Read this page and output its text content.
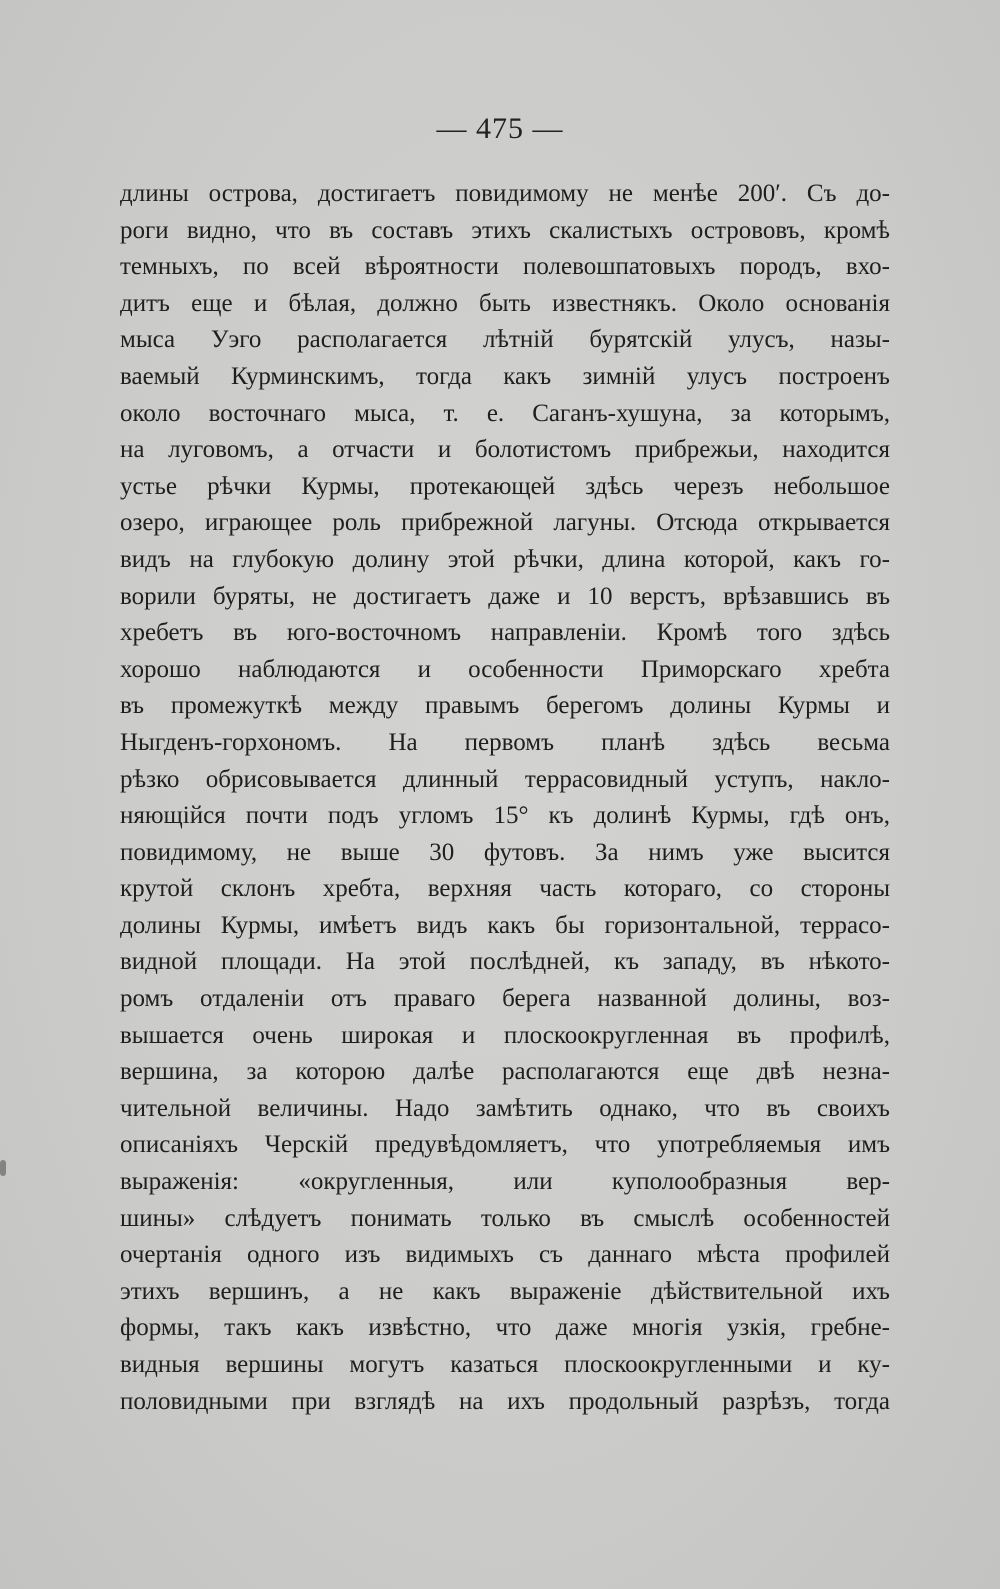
— 475 —
длины острова, достигаетъ повидимому не менѣе 200′. Съ до-
роги видно, что въ составъ этихъ скалистыхъ острововъ, кромѣ
темныхъ, по всей вѣроятности полевошпатовыхъ породъ, вхо-
дитъ еще и бѣлая, должно быть известнякъ. Около основанія
мыса Уэго располагается лѣтній бурятскій улусъ, назы-
ваемый Курминскимъ, тогда какъ зимній улусъ построенъ
около восточнаго мыса, т. е. Саганъ-хушуна, за которымъ,
на луговомъ, а отчасти и болотистомъ прибрежьи, находится
устье рѣчки Курмы, протекающей здѣсь черезъ небольшое
озеро, играющее роль прибрежной лагуны. Отсюда открывается
видъ на глубокую долину этой рѣчки, длина которой, какъ го-
ворили буряты, не достигаетъ даже и 10 верстъ, врѣзавшись въ
хребетъ въ юго-восточномъ направленіи. Кромѣ того здѣсь
хорошо наблюдаются и особенности Приморскаго хребта
въ промежуткѣ между правымъ берегомъ долины Курмы и
Ныгденъ-горхономъ. На первомъ планѣ здѣсь весьма
рѣзко обрисовывается длинный террасовидный уступъ, накло-
няющійся почти подъ угломъ 15° къ долинѣ Курмы, гдѣ онъ,
повидимому, не выше 30 футовъ. За нимъ уже высится
крутой склонъ хребта, верхняя часть котораго, со стороны
долины Курмы, имѣетъ видъ какъ бы горизонтальной, террасо-
видной площади. На этой послѣдней, къ западу, въ нѣкото-
ромъ отдаленіи отъ праваго берега названной долины, воз-
вышается очень широкая и плоскоокругленная въ профилѣ,
вершина, за которою далѣе располагаются еще двѣ незна-
чительной величины. Надо замѣтить однако, что въ своихъ
описаніяхъ Черскій предувѣдомляетъ, что употребляемыя имъ
выраженія: «округленныя, или куполообразныя вер-
шины» слѣдуетъ понимать только въ смыслѣ особенностей
очертанія одного изъ видимыхъ съ даннаго мѣста профилей
этихъ вершинъ, а не какъ выраженіе дѣйствительной ихъ
формы, такъ какъ извѣстно, что даже многія узкія, гребне-
видныя вершины могутъ казаться плоскоокругленными и ку-
половидными при взглядѣ на ихъ продольный разрѣзъ, тогда
